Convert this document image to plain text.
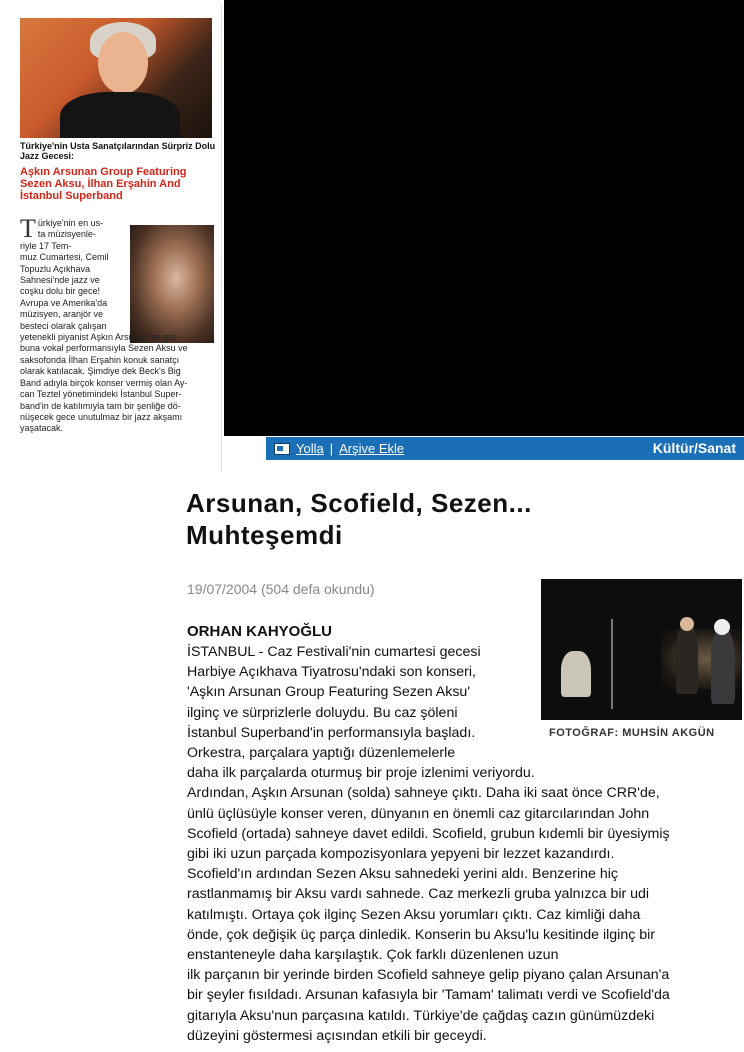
Türkiye'nin Usta Sanatçılarından Sürpriz Dolu Jazz Gecesi:
Aşkın Arsunan Group Featuring Sezen Aksu, İlhan Erşahin And İstanbul Superband
T ürkiye'nin en us-
ta müzisyenle-
riyle 17 Tem-
muz Cumartesi, Cemil
Topuzlu Açıkhava
Sahnesi'nde jazz ve
coşku dolu bir gece!
Avrupa ve Amerika'da
müzisyen, aranjör ve
besteci olarak çalışan
yetenekli piyanist Aşkın Arsunan ve gru-
buna vokal performansıyla Sezen Aksu ve
saksofonda İlhan Erşahin konuk sanatçı
olarak katılacak. Şimdiye dek Beck's Big
Band adıyla birçok konser vermiş olan Ay-
can Teztel yönetimindeki İstanbul Super-
band'in de katılımıyla tam bir şenliğe dö-
nüşecek gece unutulmaz bir jazz akşamı
yaşatacak.
Yolla | Arşive Ekle	Kültür/Sanat
Arsunan, Scofield, Sezen...
Muhteşemdi
19/07/2004 (504 defa okundu)
FOTOĞRAF: MUHSİN AKGÜN
ORHAN KAHYOĞLU
İSTANBUL - Caz Festivali'nin cumartesi gecesi
Harbiye Açıkhava Tiyatrosu'ndaki son konseri,
'Aşkın Arsunan Group Featuring Sezen Aksu'
ilginç ve sürprizlerle doluydu. Bu caz şöleni
İstanbul Superband'in performansıyla başladı.
Orkestra, parçalara yaptığı düzenlemelerle
daha ilk parçalarda oturmuş bir proje izlenimi veriyordu.
Ardından, Aşkın Arsunan (solda) sahneye çıktı. Daha iki saat önce CRR'de,
ünlü üçlüsüyle konser veren, dünyanın en önemli caz gitarcılarından John
Scofield (ortada) sahneye davet edildi. Scofield, grubun kıdemli bir üyesiymiş
gibi iki uzun parçada kompozisyonlara yepyeni bir lezzet kazandırdı.
Scofield'ın ardından Sezen Aksu sahnedeki yerini aldı. Benzerine hiç
rastlanmamış bir Aksu vardı sahnede. Caz merkezli gruba yalnızca bir udi
katılmıştı. Ortaya çok ilginç Sezen Aksu yorumları çıktı. Caz kimliği daha
önde, çok değişik üç parça dinledik. Konserin bu Aksu'lu kesitinde ilginç bir
enstanteneyle daha karşılaştık. Çok farklı düzenlenen uzun
ilk parçanın bir yerinde birden Scofield sahneye gelip piyano çalan Arsunan'a
bir şeyler fısıldadı. Arsunan kafasıyla bir 'Tamam' talimatı verdi ve Scofield'da
gitarıyla Aksu'nun parçasına katıldı. Türkiye'de çağdaş cazın günümüzdeki
düzeyini göstermesi açısından etkili bir geceydi.
